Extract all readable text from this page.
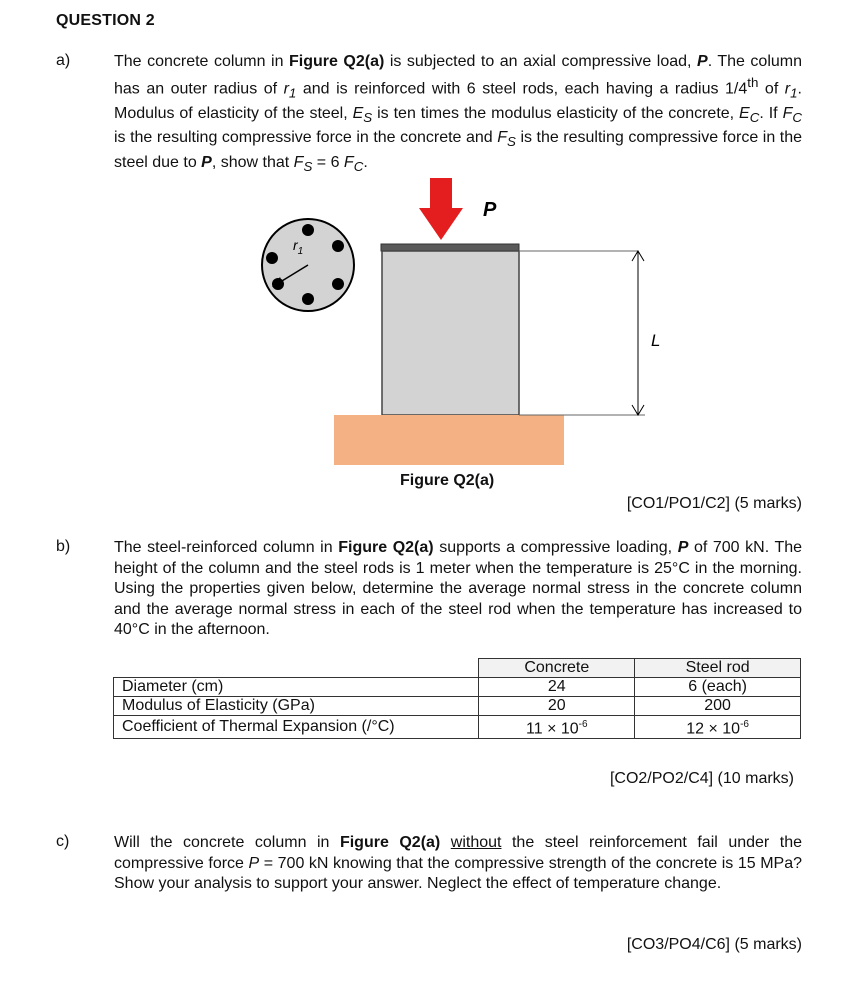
QUESTION 2
a)	The concrete column in Figure Q2(a) is subjected to an axial compressive load, P. The column has an outer radius of $r_1$ and is reinforced with 6 steel rods, each having a radius 1/4th of $r_1$. Modulus of elasticity of the steel, $E_S$ is ten times the modulus elasticity of the concrete, $E_C$. If $F_C$ is the resulting compressive force in the concrete and $F_S$ is the resulting compressive force in the steel due to P, show that $F_S = 6$ $F_C$.
$r_1$
P
L
Figure Q2(a)
[CO1/PO1/C2] (5 marks)
b)	The steel-reinforced column in Figure Q2(a) supports a compressive loading, P of 700 kN. The height of the column and the steel rods is 1 meter when the temperature is 25°C in the morning. Using the properties given below, determine the average normal stress in the concrete column and the average normal stress in each of the steel rod when the temperature has increased to 40°C in the afternoon.
	Concrete	Steel rod
Diameter (cm)	24	6 (each)
Modulus of Elasticity (GPa)	20	200
Coefficient of Thermal Expansion (/°C)	$11 \times 10^{-6}$	$12 \times 10^{-6}$
[CO2/PO2/C4] (10 marks)
c)	Will the concrete column in Figure Q2(a) without the steel reinforcement fail under the compressive force P = 700 kN knowing that the compressive strength of the concrete is 15 MPa? Show your analysis to support your answer. Neglect the effect of temperature change.
[CO3/PO4/C6] (5 marks)
